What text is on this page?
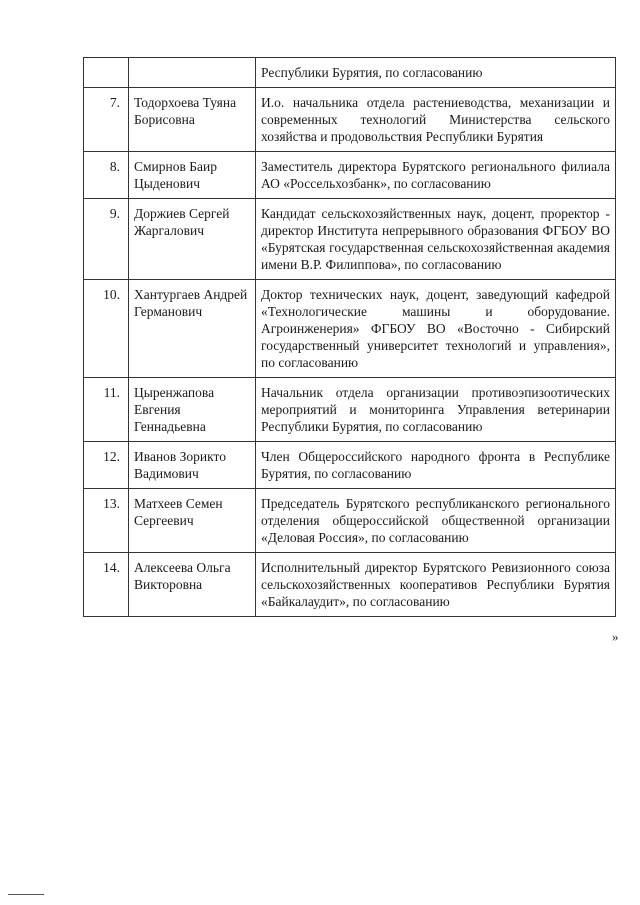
		Республики Бурятия, по согласованию
7.	Тодорхоева Туяна Борисовна	И.о. начальника отдела растениеводства, механизации и современных технологий Министерства сельского хозяйства и продовольствия Республики Бурятия
8.	Смирнов Баир Цыденович	Заместитель директора Бурятского регионального филиала АО «Россельхозбанк», по согласованию
9.	Доржиев Сергей Жаргалович	Кандидат сельскохозяйственных наук, доцент, проректор - директор Института непрерывного образования ФГБОУ ВО «Бурятская государственная сельскохозяйственная академия имени В.Р. Филиппова», по согласованию
10.	Хантургаев Андрей Германович	Доктор технических наук, доцент, заведующий кафедрой «Технологические машины и оборудование. Агроинженерия» ФГБОУ ВО «Восточно - Сибирский государственный университет технологий и управления», по согласованию
11.	Цыренжапова Евгения Геннадьевна	Начальник отдела организации противоэпизоотических мероприятий и мониторинга Управления ветеринарии Республики Бурятия, по согласованию
12.	Иванов Зорикто Вадимович	Член Общероссийского народного фронта в Республике Бурятия, по согласованию
13.	Матхеев Семен Сергеевич	Председатель Бурятского республиканского регионального отделения общероссийской общественной организации «Деловая Россия», по согласованию
14.	Алексеева Ольга Викторовна	Исполнительный директор Бурятского Ревизионного союза сельскохозяйственных кооперативов Республики Бурятия «Байкалаудит», по согласованию
»
